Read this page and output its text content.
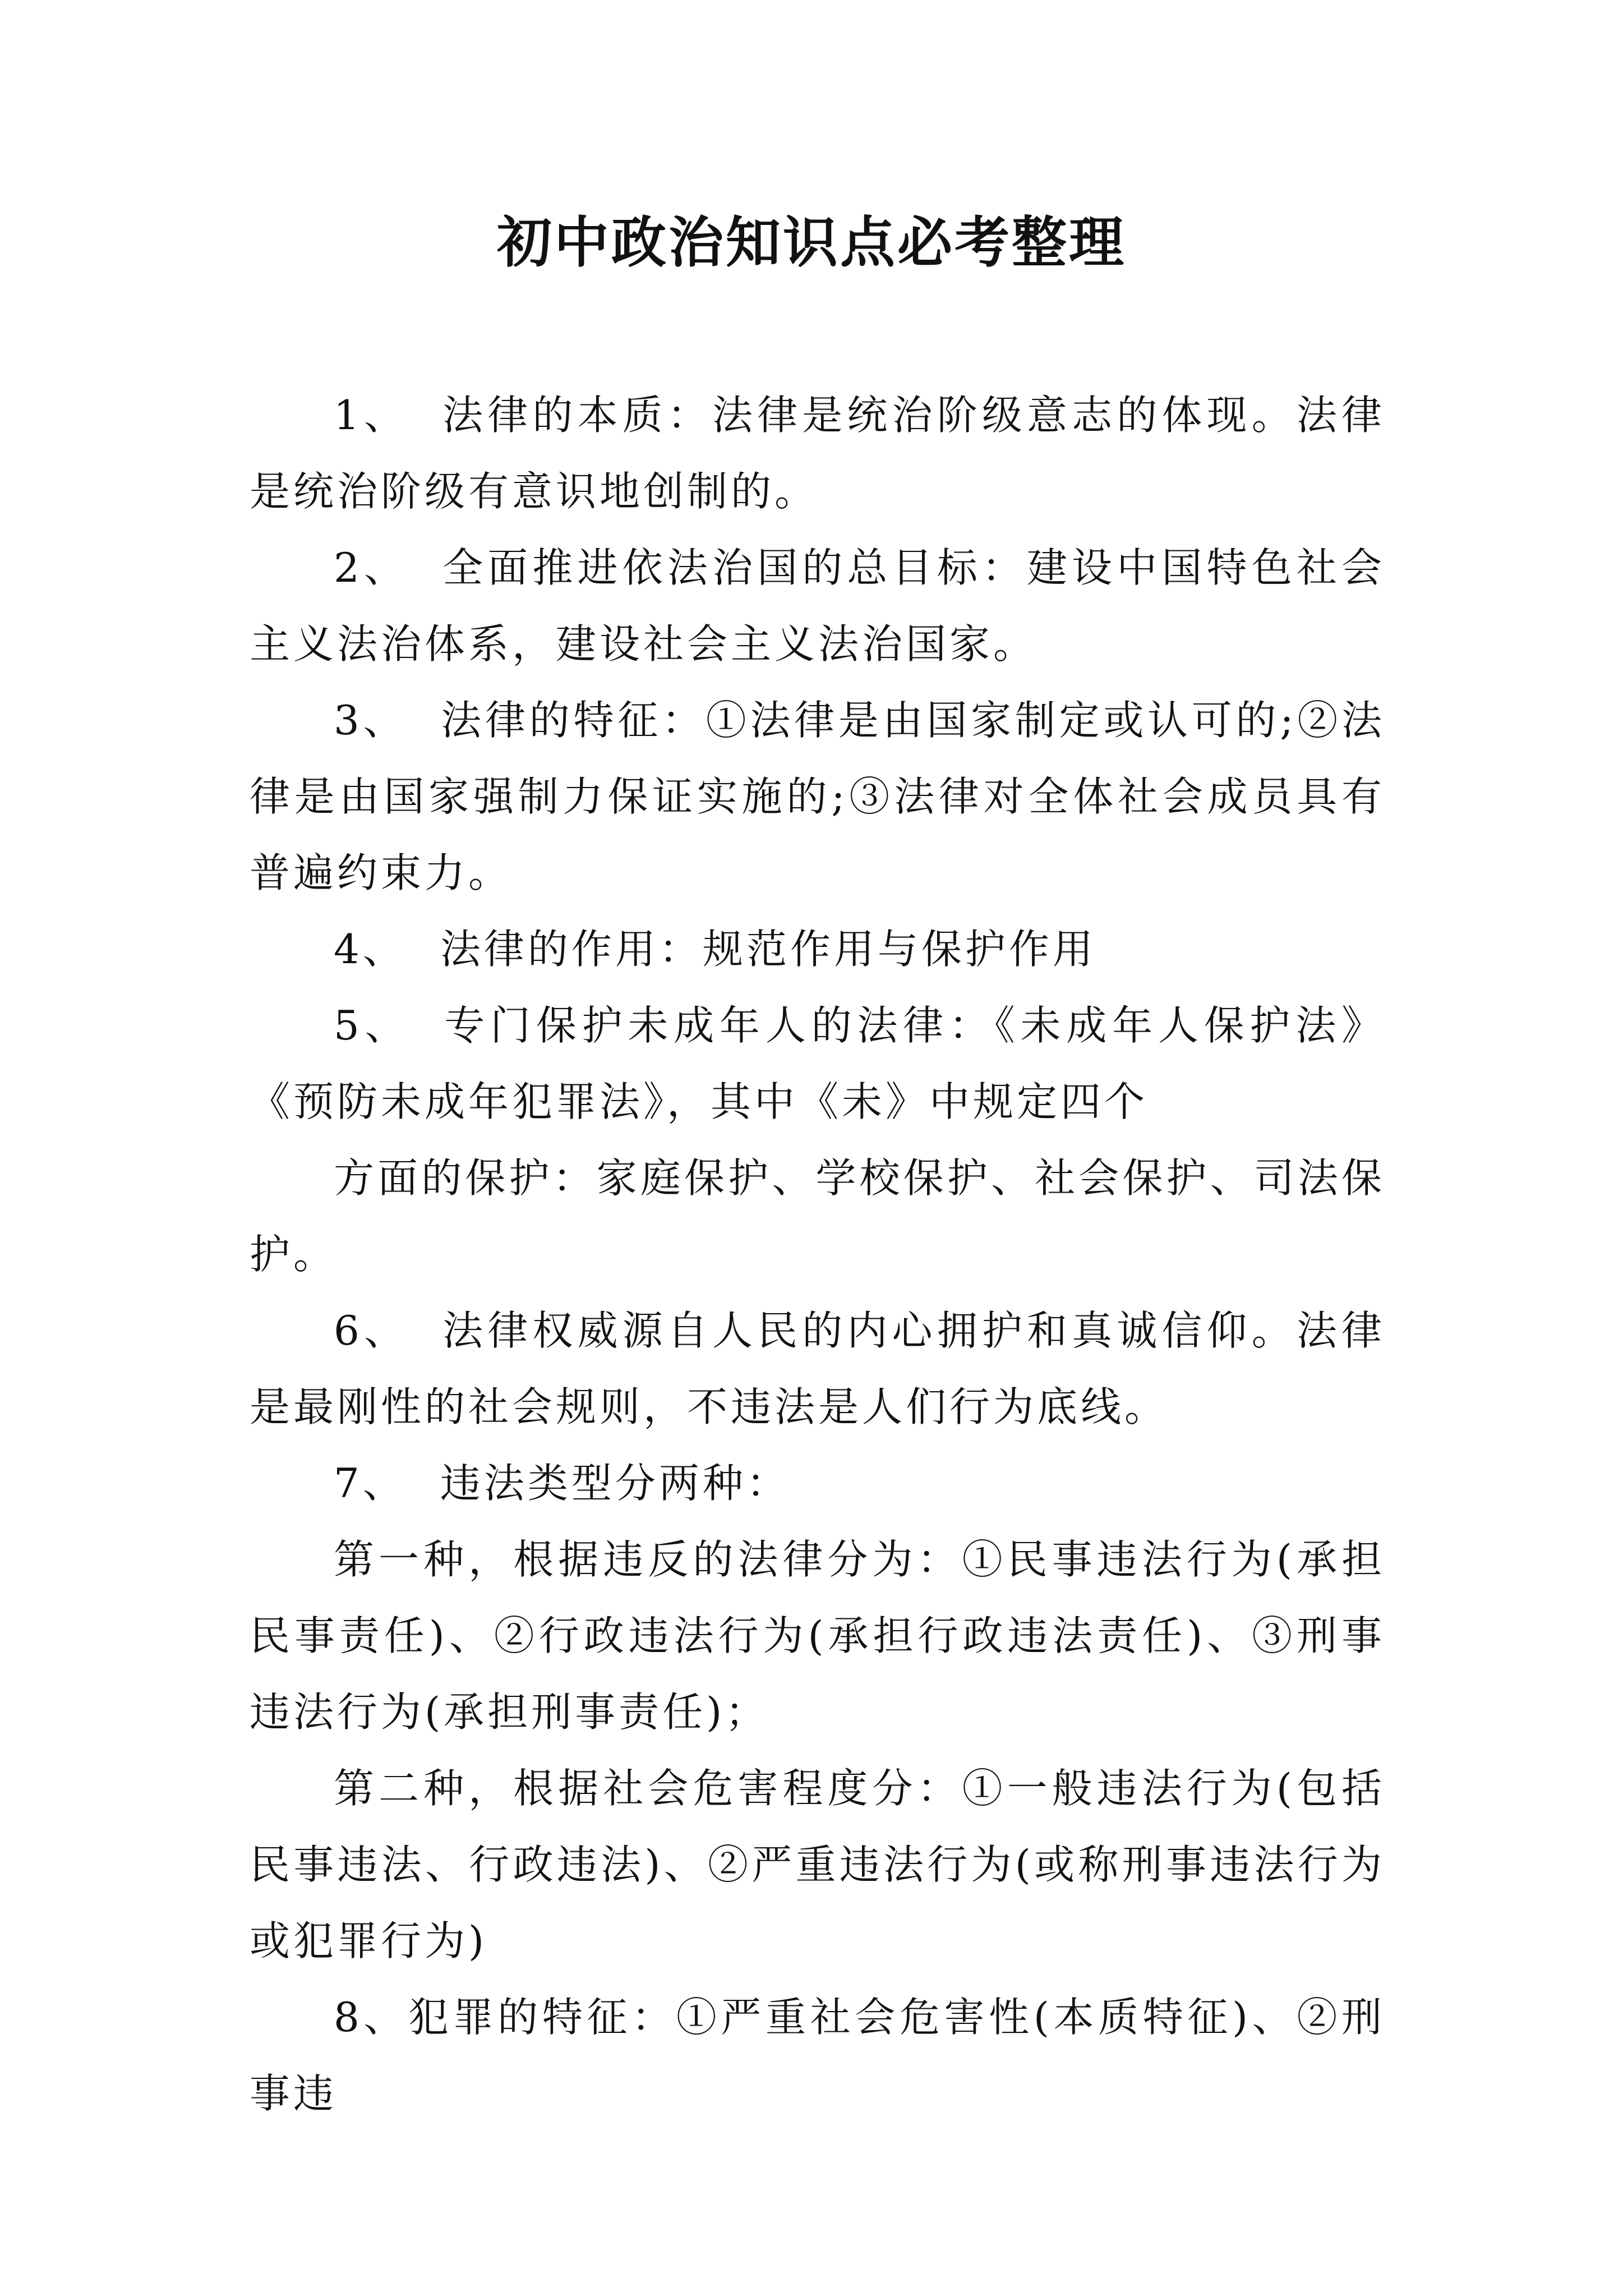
初中政治知识点必考整理

1、 法律的本质：法律是统治阶级意志的体现。法律是统治阶级有意识地创制的。

2、 全面推进依法治国的总目标：建设中国特色社会主义法治体系，建设社会主义法治国家。

3、 法律的特征：①法律是由国家制定或认可的;②法律是由国家强制力保证实施的;③法律对全体社会成员具有普遍约束力。

4、 法律的作用：规范作用与保护作用

5、 专门保护未成年人的法律：《未成年人保护法》《预防未成年犯罪法》，其中《未》中规定四个

方面的保护：家庭保护、学校保护、社会保护、司法保护。

6、 法律权威源自人民的内心拥护和真诚信仰。法律是最刚性的社会规则，不违法是人们行为底线。

7、 违法类型分两种：

第一种，根据违反的法律分为：①民事违法行为(承担民事责任)、②行政违法行为(承担行政违法责任)、③刑事违法行为(承担刑事责任)；

第二种，根据社会危害程度分：①一般违法行为(包括民事违法、行政违法)、②严重违法行为(或称刑事违法行为或犯罪行为)

8、犯罪的特征：①严重社会危害性(本质特征)、②刑事违
